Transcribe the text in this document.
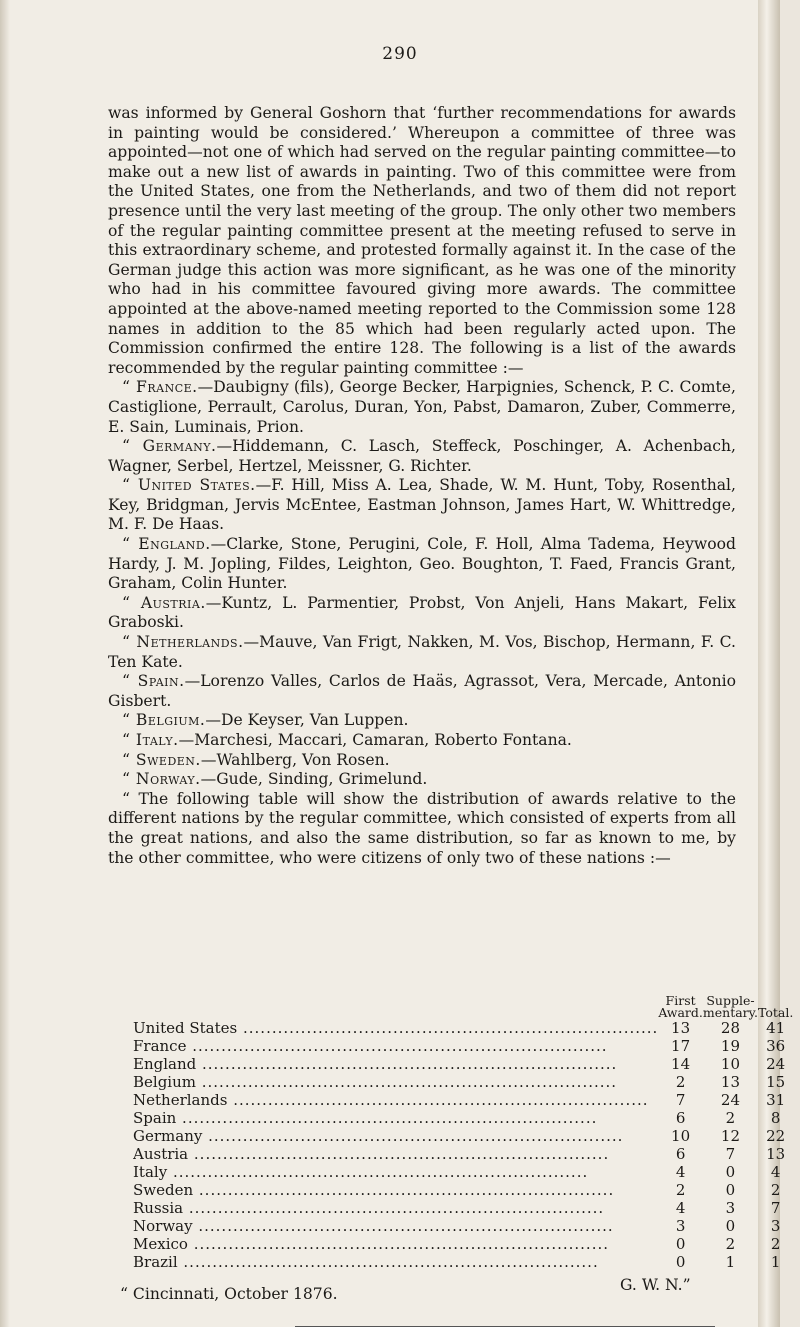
290

was informed by General Goshorn that ‘further recommendations for awards in painting would be considered.’ Whereupon a committee of three was appointed—not one of which had served on the regular painting committee—to make out a new list of awards in painting. Two of this committee were from the United States, one from the Netherlands, and two of them did not report presence until the very last meeting of the group. The only other two members of the regular painting committee present at the meeting refused to serve in this extraordinary scheme, and protested formally against it. In the case of the German judge this action was more significant, as he was one of the minority who had in his committee favoured giving more awards. The committee appointed at the above-named meeting reported to the Commission some 128 names in addition to the 85 which had been regularly acted upon. The Commission confirmed the entire 128. The following is a list of the awards recommended by the regular painting committee :—

“ France.—Daubigny (fils), George Becker, Harpignies, Schenck, P. C. Comte, Castiglione, Perrault, Carolus, Duran, Yon, Pabst, Damaron, Zuber, Commerre, E. Sain, Luminais, Prion.

“ Germany.—Hiddemann, C. Lasch, Steffeck, Poschinger, A. Achenbach, Wagner, Serbel, Hertzel, Meissner, G. Richter.

“ United States.—F. Hill, Miss A. Lea, Shade, W. M. Hunt, Toby, Rosenthal, Key, Bridgman, Jervis McEntee, Eastman Johnson, James Hart, W. Whittredge, M. F. De Haas.

“ England.—Clarke, Stone, Perugini, Cole, F. Holl, Alma Tadema, Heywood Hardy, J. M. Jopling, Fildes, Leighton, Geo. Boughton, T. Faed, Francis Grant, Graham, Colin Hunter.

“ Austria.—Kuntz, L. Parmentier, Probst, Von Anjeli, Hans Makart, Felix Graboski.

“ Netherlands.—Mauve, Van Frigt, Nakken, M. Vos, Bischop, Hermann, F. C. Ten Kate.

“ Spain.—Lorenzo Valles, Carlos de Haäs, Agrassot, Vera, Mercade, Antonio Gisbert.

“ Belgium.—De Keyser, Van Luppen.

“ Italy.—Marchesi, Maccari, Camaran, Roberto Fontana.

“ Sweden.—Wahlberg, Von Rosen.

“ Norway.—Gude, Sinding, Grimelund.

“ The following table will show the distribution of awards relative to the different nations by the regular committee, which consisted of experts from all the great nations, and also the same distribution, so far as known to me, by the other committee, who were citizens of only two of these nations :—

	First Award.	Supple- mentary.	Total.
United States .....	13	28	41
France .....	17	19	36
England .....	14	10	24
Belgium .....	2	13	15
Netherlands .....	7	24	31
Spain .....	6	2	8
Germany .....	10	12	22
Austria .....	6	7	13
Italy .....	4	0	4
Sweden .....	2	0	2
Russia .....	4	3	7
Norway .....	3	0	3
Mexico .....	0	2	2
Brazil .....	0	1	1
G. W. N.”
“ Cincinnati, October 1876.
